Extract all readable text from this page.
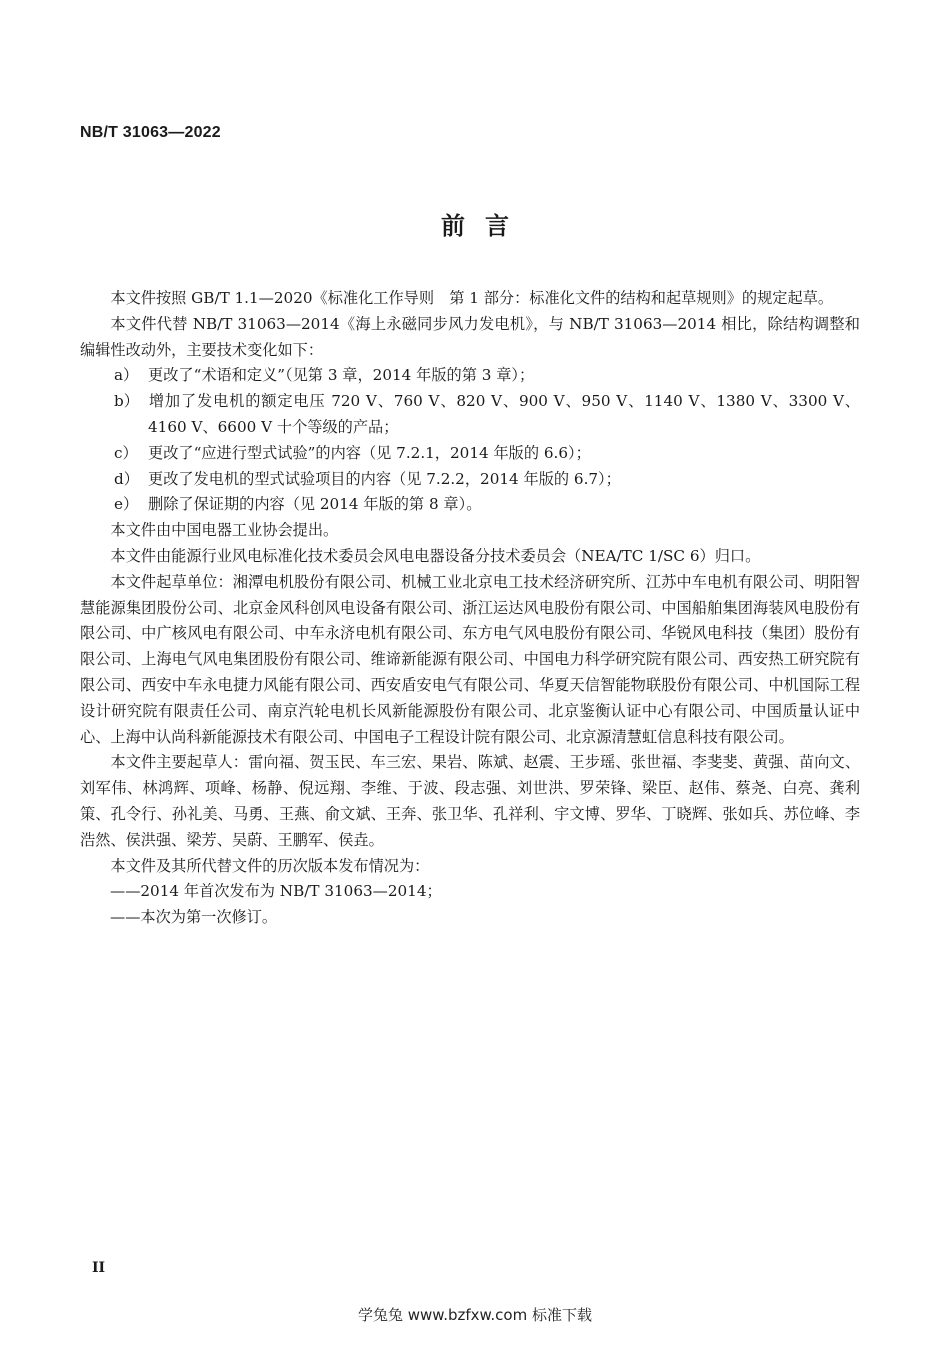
NB/T 31063—2022
前言

本文件按照 GB/T 1.1—2020《标准化工作导则　第 1 部分：标准化文件的结构和起草规则》的规定起草。

本文件代替 NB/T 31063—2014《海上永磁同步风力发电机》，与 NB/T 31063—2014 相比，除结构调整和编辑性改动外，主要技术变化如下：

a） 更改了“术语和定义”（见第 3 章，2014 年版的第 3 章）；

b） 增加了发电机的额定电压 720 V、760 V、820 V、900 V、950 V、1140 V、1380 V、3300 V、4160 V、6600 V 十个等级的产品；

c） 更改了“应进行型式试验”的内容（见 7.2.1，2014 年版的 6.6）；

d） 更改了发电机的型式试验项目的内容（见 7.2.2，2014 年版的 6.7）；

e） 删除了保证期的内容（见 2014 年版的第 8 章）。

本文件由中国电器工业协会提出。

本文件由能源行业风电标准化技术委员会风电电器设备分技术委员会（NEA/TC 1/SC 6）归口。

本文件起草单位：湘潭电机股份有限公司、机械工业北京电工技术经济研究所、江苏中车电机有限公司、明阳智慧能源集团股份公司、北京金风科创风电设备有限公司、浙江运达风电股份有限公司、中国船舶集团海装风电股份有限公司、中广核风电有限公司、中车永济电机有限公司、东方电气风电股份有限公司、华锐风电科技（集团）股份有限公司、上海电气风电集团股份有限公司、维谛新能源有限公司、中国电力科学研究院有限公司、西安热工研究院有限公司、西安中车永电捷力风能有限公司、西安盾安电气有限公司、华夏天信智能物联股份有限公司、中机国际工程设计研究院有限责任公司、南京汽轮电机长风新能源股份有限公司、北京鉴衡认证中心有限公司、中国质量认证中心、上海中认尚科新能源技术有限公司、中国电子工程设计院有限公司、北京源清慧虹信息科技有限公司。

本文件主要起草人：雷向福、贺玉民、车三宏、果岩、陈斌、赵震、王步瑶、张世福、李斐斐、黄强、苗向文、刘军伟、林鸿辉、项峰、杨静、倪远翔、李维、于波、段志强、刘世洪、罗荣锋、梁臣、赵伟、蔡尧、白亮、龚利策、孔令行、孙礼美、马勇、王燕、俞文斌、王奔、张卫华、孔祥利、宇文博、罗华、丁晓辉、张如兵、苏位峰、李浩然、侯洪强、梁芳、吴蔚、王鹏军、侯垚。

本文件及其所代替文件的历次版本发布情况为：

——2014 年首次发布为 NB/T 31063—2014；

——本次为第一次修订。

II
学兔兔 www.bzfxw.com 标准下载
